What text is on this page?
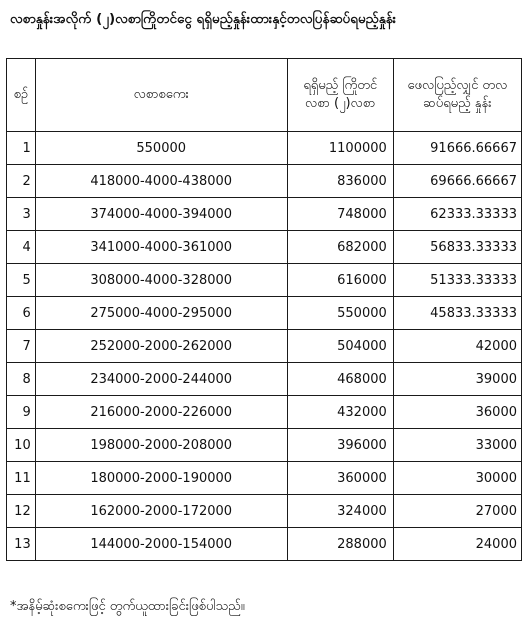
လစာနှုန်းအလိုက် (၂)လစာကြိုတင်ငွေ ရရှိမည့်နှုန်းထားနှင့်တလပြန်ဆပ်ရမည့်နှုန်း
စဉ်	လစာစကေး	ရရှိမည့် ကြိုတင်လစာ (၂)လစာ	ဖေလပြည့်လျှင် တလဆပ်ရမည့် နှုန်း
1	550000	1100000	91666.66667
2	418000-4000-438000	836000	69666.66667
3	374000-4000-394000	748000	62333.33333
4	341000-4000-361000	682000	56833.33333
5	308000-4000-328000	616000	51333.33333
6	275000-4000-295000	550000	45833.33333
7	252000-2000-262000	504000	42000
8	234000-2000-244000	468000	39000
9	216000-2000-226000	432000	36000
10	198000-2000-208000	396000	33000
11	180000-2000-190000	360000	30000
12	162000-2000-172000	324000	27000
13	144000-2000-154000	288000	24000
*အနိမ့်ဆုံးစကေးဖြင့် တွက်ယူထားခြင်းဖြစ်ပါသည်။
